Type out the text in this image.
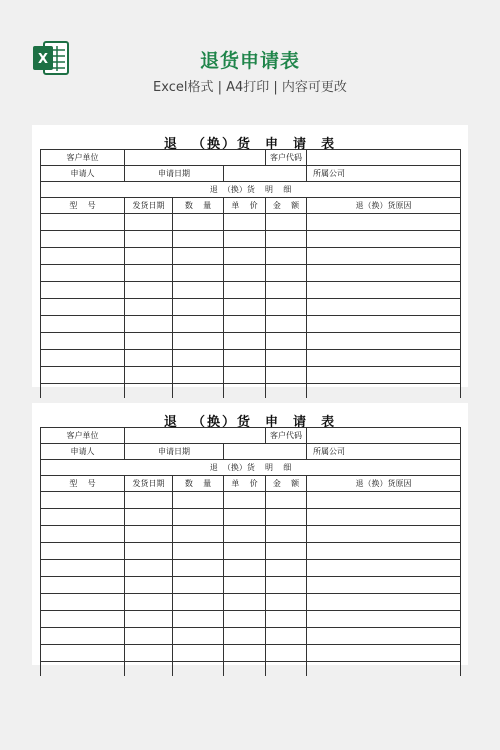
X	退货申请表
Excel格式 | A4打印 | 内容可更改
退  （换）货  申  请  表
客户单位				客户代码	
申请人	申请日期				所属公司
退  （换）货    明    细					
型    号	发货日期	数    量	单    价	金    额	退（换）货原因

退  （换）货  申  请  表
客户单位				客户代码	
申请人	申请日期				所属公司
退  （换）货    明    细					
型    号	发货日期	数    量	单    价	金    额	退（换）货原因
